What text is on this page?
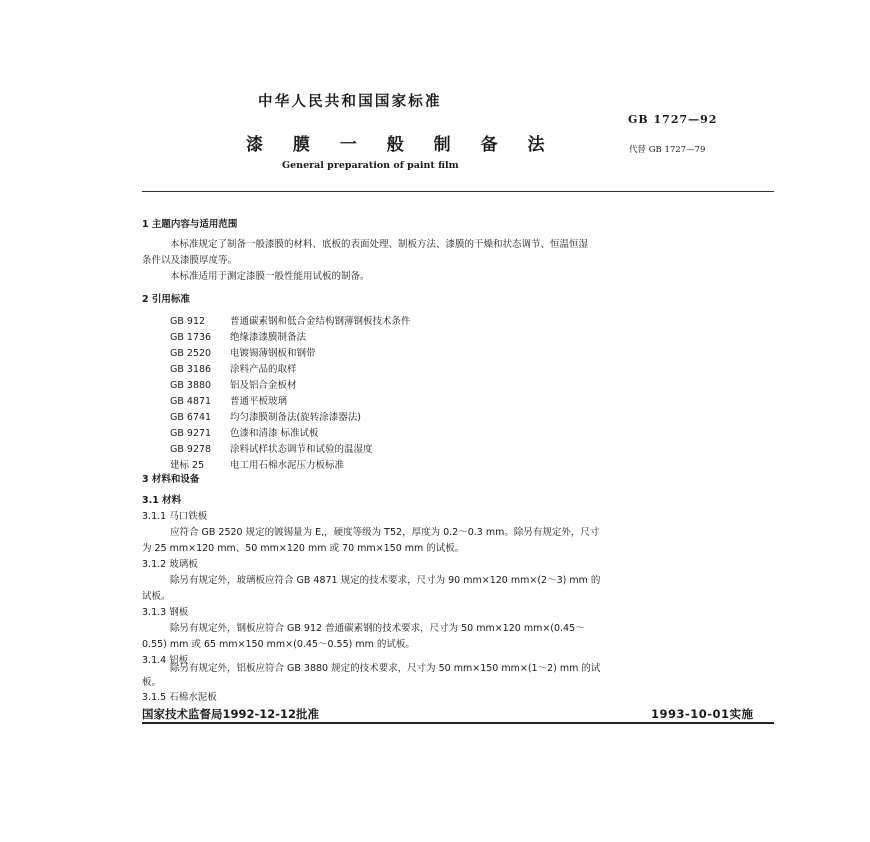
中华人民共和国国家标准
GB 1727—92
漆 膜 一 般 制 备 法	代替 GB 1727—79
General preparation of paint film
1 主题内容与适用范围
本标准规定了制备一般漆膜的材料、底板的表面处理、制板方法、漆膜的干燥和状态调节、恒温恒湿
条件以及漆膜厚度等。
本标准适用于测定漆膜一般性能用试板的制备。
2 引用标准
GB 912	普通碳素钢和低合金结构钢薄钢板技术条件
GB 1736 绝缘漆漆膜制备法
GB 2520 电镀锡薄钢板和钢带
GB 3186 涂料产品的取样
GB 3880 铝及铝合金板材
GB 4871 普通平板玻璃
GB 6741 均匀漆膜制备法(旋转涂漆器法)
GB 9271 色漆和清漆 标准试板
GB 9278 涂料试样状态调节和试验的温湿度
建标 25	电工用石棉水泥压力板标准
3 材料和设备
3.1 材料
3.1.1 马口铁板
应符合 GB 2520 规定的镀锡量为 E,，硬度等级为 T52，厚度为 0.2～0.3 mm。除另有规定外，尺寸
为 25 mm×120 mm、50 mm×120 mm 或 70 mm×150 mm 的试板。
3.1.2 玻璃板
除另有规定外，玻璃板应符合 GB 4871 规定的技术要求，尺寸为 90 mm×120 mm×(2～3) mm 的
试板。
3.1.3 钢板
除另有规定外，钢板应符合 GB 912 普通碳素钢的技术要求，尺寸为 50 mm×120 mm×(0.45～
0.55) mm 或 65 mm×150 mm×(0.45～0.55) mm 的试板。
3.1.4 铝板
除另有规定外，铝板应符合 GB 3880 规定的技术要求，尺寸为 50 mm×150 mm×(1～2) mm 的试
板。
国家技术监督局1992-12-12批准	1993-10-01实施
3.1.5 石棉水泥板
